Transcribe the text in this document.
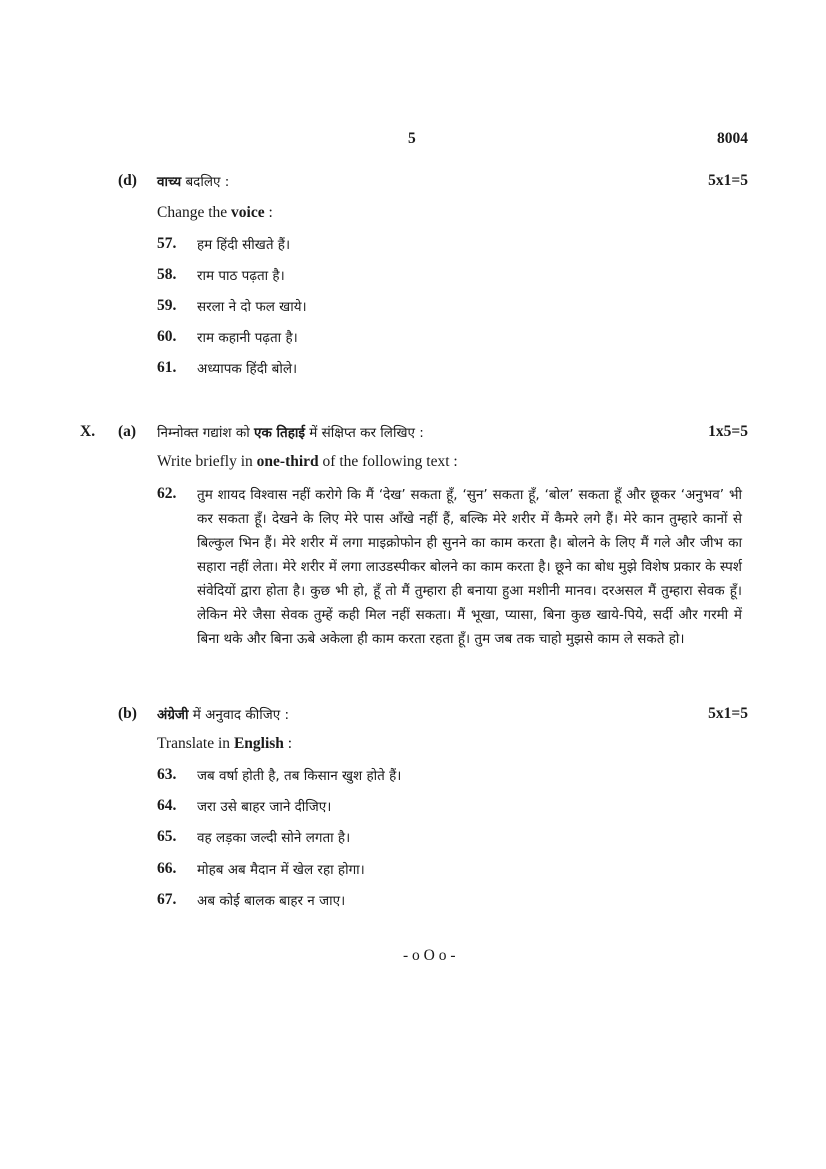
5	8004
(d) वाच्य बदलिए :	5x1=5
Change the voice :
57. हम हिंदी सीखते हैं।
58. राम पाठ पढ़ता है।
59. सरला ने दो फल खाये।
60. राम कहानी पढ़ता है।
61. अध्यापक हिंदी बोले।
X. (a) निम्नोक्त गद्यांश को एक तिहाई में संक्षिप्त कर लिखिए :	1x5=5
Write briefly in one-third of the following text :
62. तुम शायद विश्वास नहीं करोगे कि मैं ‘देख’ सकता हूँ, ‘सुन’ सकता हूँ, ‘बोल’ सकता हूँ और छूकर ‘अनुभव’ भी कर सकता हूँ। देखने के लिए मेरे पास आँखे नहीं हैं, बल्कि मेरे शरीर में कैमरे लगे हैं। मेरे कान तुम्हारे कानों से बिल्कुल भिन हैं। मेरे शरीर में लगा माइक्रोफोन ही सुनने का काम करता है। बोलने के लिए मैं गले और जीभ का सहारा नहीं लेता। मेरे शरीर में लगा लाउडस्पीकर बोलने का काम करता है। छूने का बोध मुझे विशेष प्रकार के स्पर्श संवेदियों द्वारा होता है। कुछ भी हो, हूँ तो मैं तुम्हारा ही बनाया हुआ मशीनी मानव। दरअसल मैं तुम्हारा सेवक हूँ। लेकिन मेरे जैसा सेवक तुम्हें कही मिल नहीं सकता। मैं भूखा, प्यासा, बिना कुछ खाये-पिये, सर्दी और गरमी में बिना थके और बिना ऊबे अकेला ही काम करता रहता हूँ। तुम जब तक चाहो मुझसे काम ले सकते हो।
(b) अंग्रेजी में अनुवाद कीजिए :	5x1=5
Translate in English :
63. जब वर्षा होती है, तब किसान खुश होते हैं।
64. जरा उसे बाहर जाने दीजिए।
65. वह लड़का जल्दी सोने लगता है।
66. मोहब अब मैदान में खेल रहा होगा।
67. अब कोई बालक बाहर न जाए।
- o O o -
